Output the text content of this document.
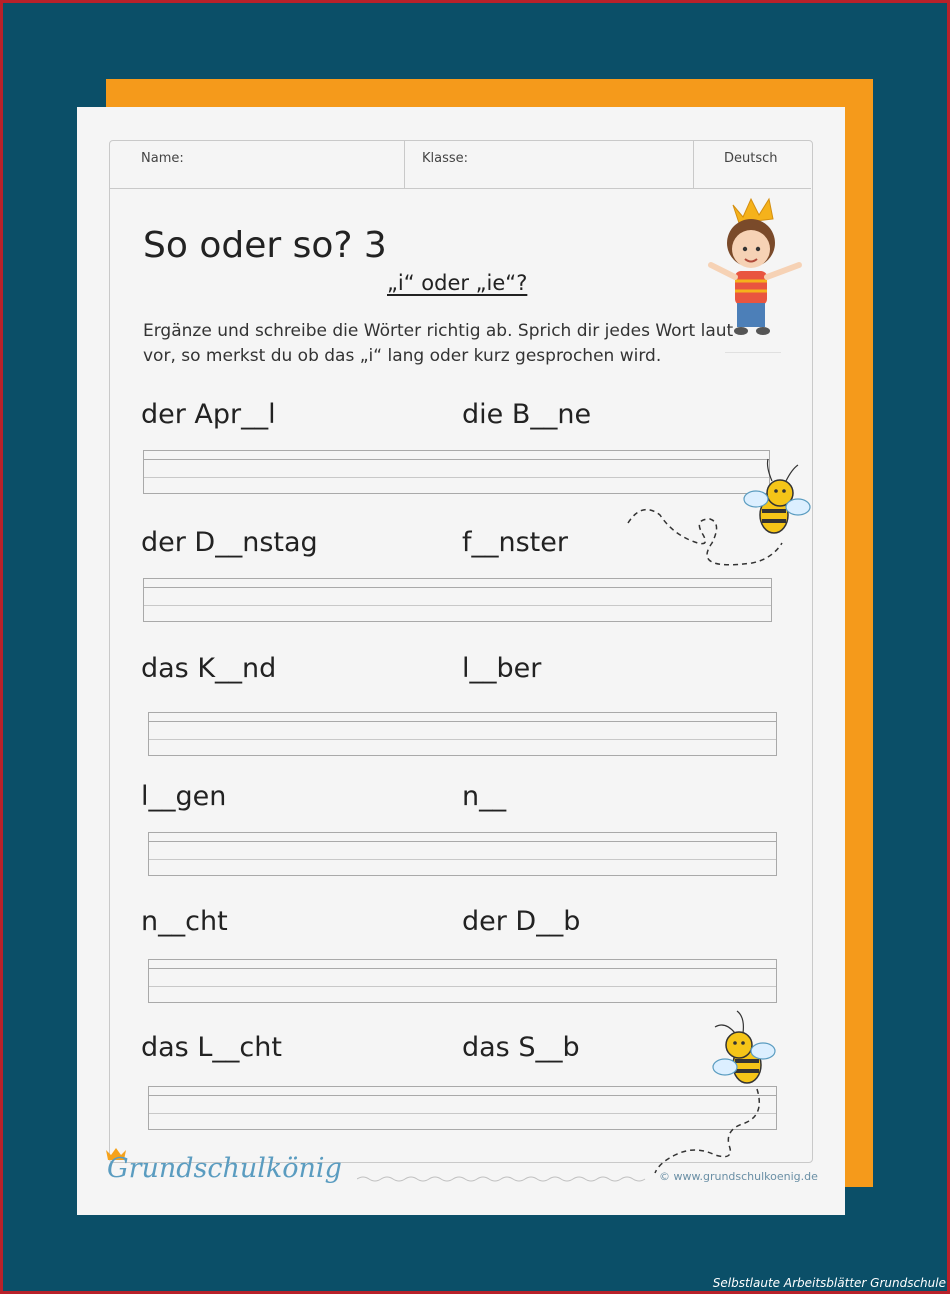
Name:	Klasse:	Deutsch
So oder so? 3
„i“ oder „ie“?
Ergänze und schreibe die Wörter richtig ab. Sprich dir jedes Wort laut vor, so merkst du ob das „i“ lang oder kurz gesprochen wird.
der Apr__l	die B__ne
der D__nstag	f__nster
das K__nd	l__ber
l__gen	n__
n__cht	der D__b
das L__cht	das S__b
Grundschulkönig	© www.grundschulkoenig.de
Selbstlaute Arbeitsblätter Grundschule
